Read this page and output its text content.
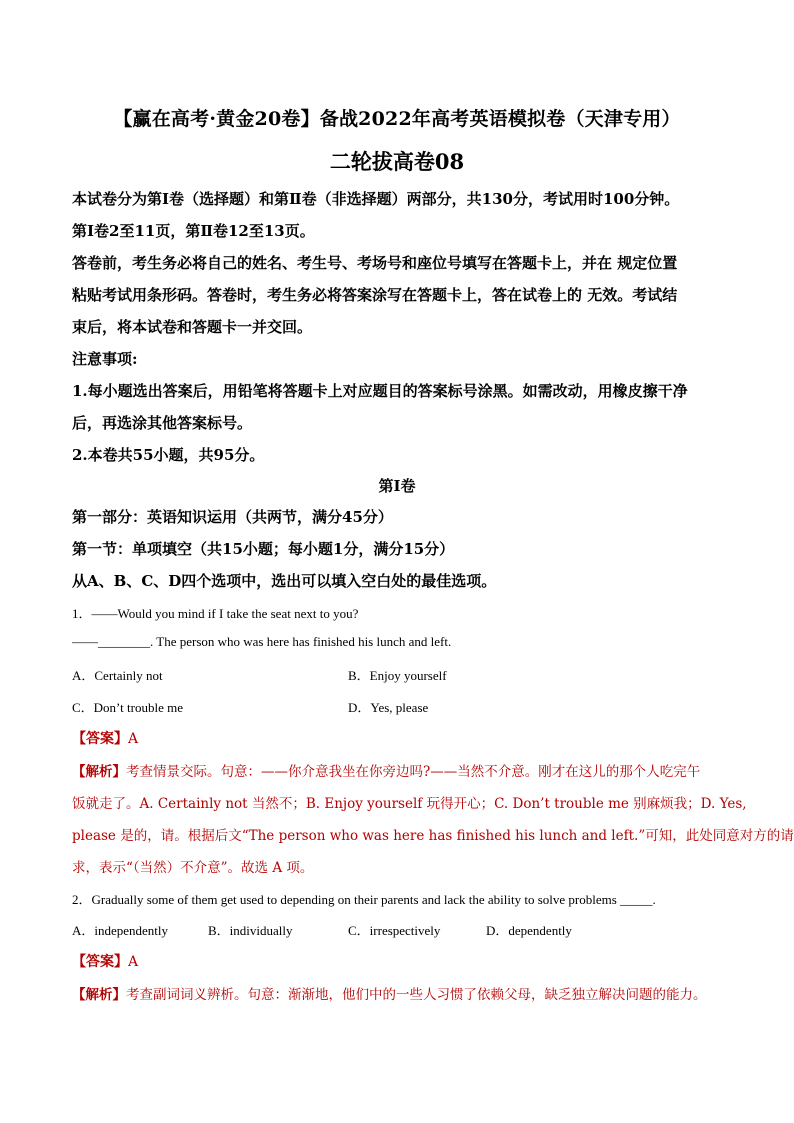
【赢在高考·黄金20卷】备战2022年高考英语模拟卷（天津专用）
二轮拔高卷08
本试卷分为第Ⅰ卷（选择题）和第Ⅱ卷（非选择题）两部分，共130分，考试用时100分钟。
第Ⅰ卷2至11页，第Ⅱ卷12至13页。
答卷前，考生务必将自己的姓名、考生号、考场号和座位号填写在答题卡上，并在 规定位置
粘贴考试用条形码。答卷时，考生务必将答案涂写在答题卡上，答在试卷上的 无效。考试结
束后，将本试卷和答题卡一并交回。
注意事项:
1.每小题选出答案后，用铅笔将答题卡上对应题目的答案标号涂黑。如需改动，用橡皮擦干净
后，再选涂其他答案标号。
2.本卷共55小题，共95分。
第Ⅰ卷
第一部分：英语知识运用（共两节，满分45分）
第一节：单项填空（共15小题；每小题1分，满分15分）
从A、B、C、D四个选项中，选出可以填入空白处的最佳选项。
1．——Would you mind if I take the seat next to you?
——________. The person who was here has finished his lunch and left.
A．Certainly not	B．Enjoy yourself
C．Don’t trouble me	D．Yes, please
【答案】A
【解析】考查情景交际。句意：——你介意我坐在你旁边吗?——当然不介意。刚才在这儿的那个人吃完午
饭就走了。A. Certainly not 当然不；B. Enjoy yourself 玩得开心；C. Don’t trouble me 别麻烦我；D. Yes,
please 是的，请。根据后文“The person who was here has finished his lunch and left.”可知，此处同意对方的请
求，表示“（当然）不介意”。故选 A 项。
2．Gradually some of them get used to depending on their parents and lack the ability to solve problems _____.
A．independently	B．individually	C．irrespectively	D．dependently
【答案】A
【解析】考查副词词义辨析。句意：渐渐地，他们中的一些人习惯了依赖父母，缺乏独立解决问题的能力。
